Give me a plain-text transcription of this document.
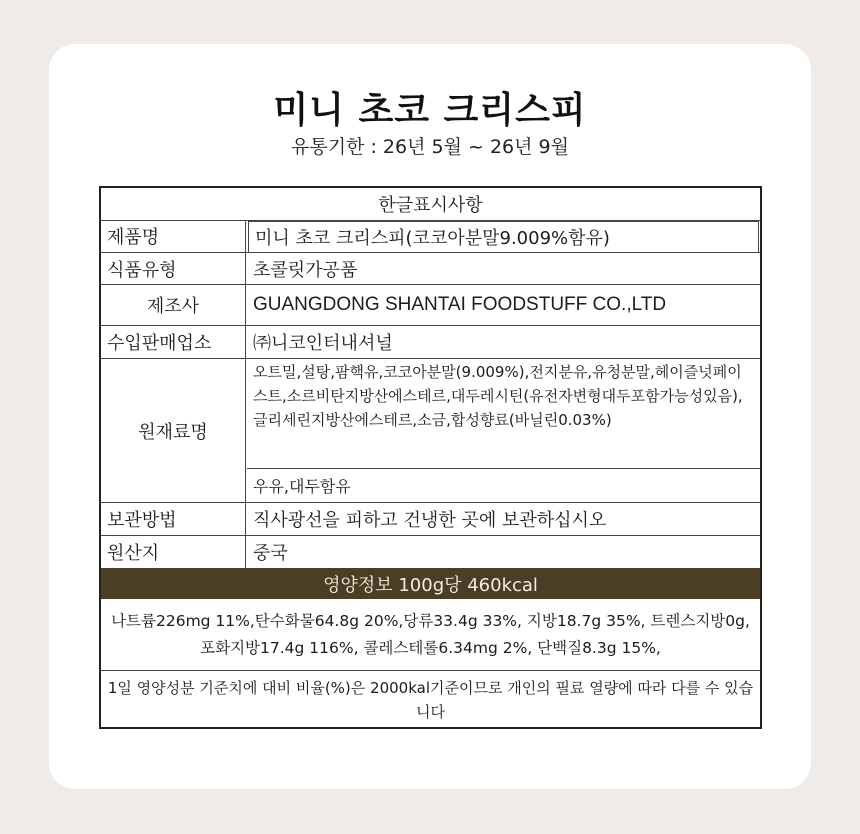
미니 초코 크리스피
유통기한 : 26년 5월 ~ 26년 9월
한글표시사항
제품명	미니 초코 크리스피(코코아분말9.009%함유)
식품유형	초콜릿가공품
제조사	GUANGDONG SHANTAI FOODSTUFF CO.,LTD
수입판매업소	㈜니코인터내셔널
원재료명
오트밀,설탕,팜핵유,코코아분말(9.009%),전지분유,유청분말,헤이즐넛페이스트,소르비탄지방산에스테르,대두레시틴(유전자변형대두포함가능성있음),글리세린지방산에스테르,소금,합성향료(바닐린0.03%)
우유,대두함유
보관방법	직사광선을 피하고 건냉한 곳에 보관하십시오
원산지	중국
영양정보 100g당 460kcal
나트륨226mg 11%,탄수화물64.8g 20%,당류33.4g 33%, 지방18.7g 35%, 트렌스지방0g, 포화지방17.4g 116%, 콜레스테롤6.34mg 2%, 단백질8.3g 15%,
1일 영양성분 기준치에 대비 비율(%)은 2000kal기준이므로 개인의 필료 열량에 따라 다를 수 있습니다
